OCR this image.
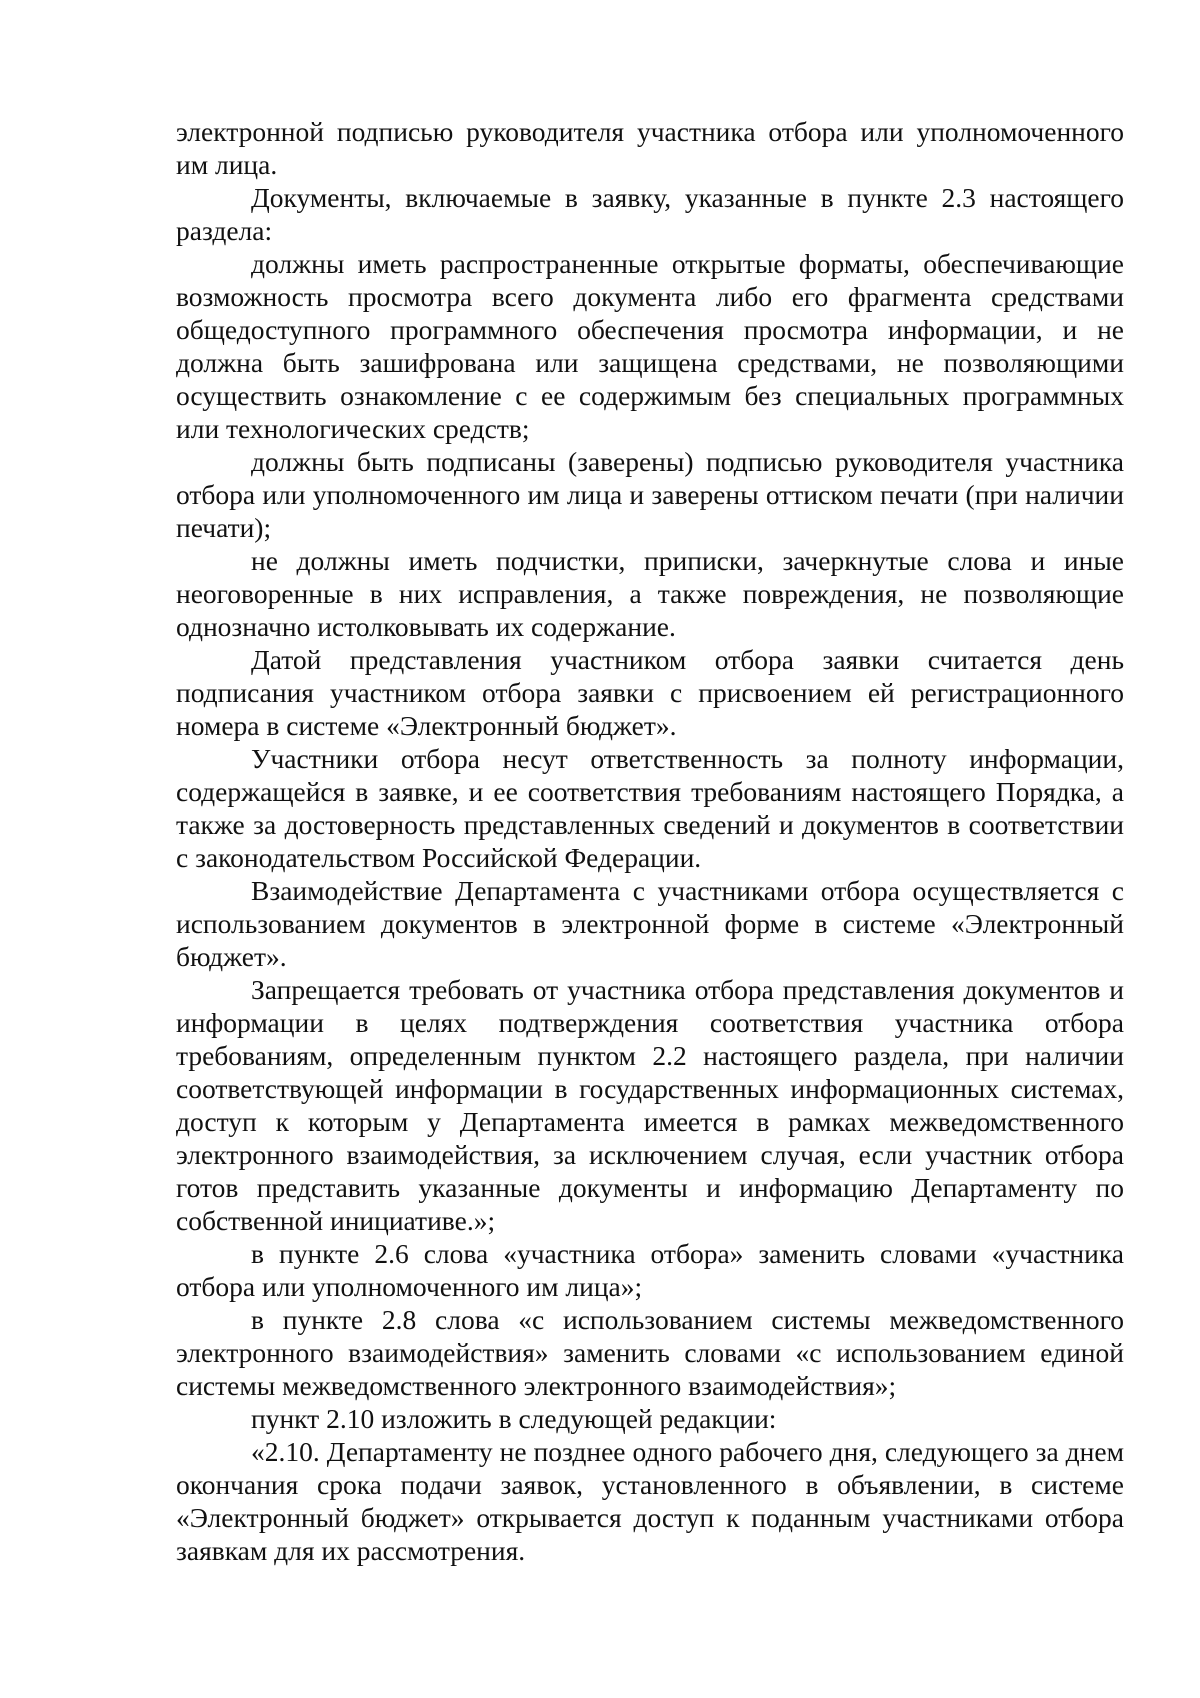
электронной подписью руководителя участника отбора или уполномоченного им лица.

Документы, включаемые в заявку, указанные в пункте 2.3 настоящего раздела:

должны иметь распространенные открытые форматы, обеспечивающие возможность просмотра всего документа либо его фрагмента средствами общедоступного программного обеспечения просмотра информации, и не должна быть зашифрована или защищена средствами, не позволяющими осуществить ознакомление с ее содержимым без специальных программных или технологических средств;

должны быть подписаны (заверены) подписью руководителя участника отбора или уполномоченного им лица и заверены оттиском печати (при наличии печати);

не должны иметь подчистки, приписки, зачеркнутые слова и иные неоговоренные в них исправления, а также повреждения, не позволяющие однозначно истолковывать их содержание.

Датой представления участником отбора заявки считается день подписания участником отбора заявки с присвоением ей регистрационного номера в системе «Электронный бюджет».

Участники отбора несут ответственность за полноту информации, содержащейся в заявке, и ее соответствия требованиям настоящего Порядка, а также за достоверность представленных сведений и документов в соответствии с законодательством Российской Федерации.

Взаимодействие Департамента с участниками отбора осуществляется с использованием документов в электронной форме в системе «Электронный бюджет».

Запрещается требовать от участника отбора представления документов и информации в целях подтверждения соответствия участника отбора требованиям, определенным пунктом 2.2 настоящего раздела, при наличии соответствующей информации в государственных информационных системах, доступ к которым у Департамента имеется в рамках межведомственного электронного взаимодействия, за исключением случая, если участник отбора готов представить указанные документы и информацию Департаменту по собственной инициативе.»;

в пункте 2.6 слова «участника отбора» заменить словами «участника отбора или уполномоченного им лица»;

в пункте 2.8 слова «с использованием системы межведомственного электронного взаимодействия» заменить словами «с использованием единой системы межведомственного электронного взаимодействия»;

пункт 2.10 изложить в следующей редакции:

«2.10. Департаменту не позднее одного рабочего дня, следующего за днем окончания срока подачи заявок, установленного в объявлении, в системе «Электронный бюджет» открывается доступ к поданным участниками отбора заявкам для их рассмотрения.
